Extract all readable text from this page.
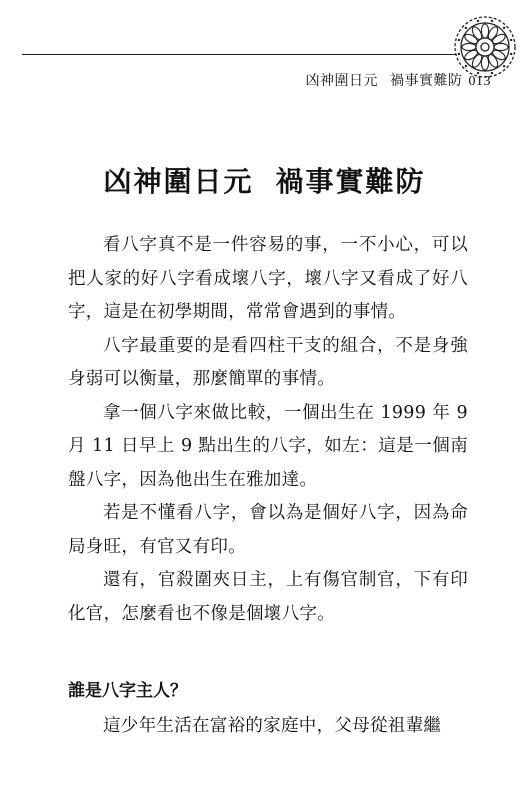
凶神圍日元 禍事實難防 013
凶神圍日元 禍事實難防

看八字真不是一件容易的事，一不小心，可以把人家的好八字看成壞八字，壞八字又看成了好八字，這是在初學期間，常常會遇到的事情。

八字最重要的是看四柱干支的組合，不是身強身弱可以衡量，那麼簡單的事情。

拿一個八字來做比較，一個出生在 1999 年 9 月 11 日早上 9 點出生的八字，如左：這是一個南盤八字，因為他出生在雅加達。

若是不懂看八字，會以為是個好八字，因為命局身旺，有官又有印。

還有，官殺圍夾日主，上有傷官制官，下有印化官，怎麼看也不像是個壞八字。

誰是八字主人？

這少年生活在富裕的家庭中，父母從祖輩繼
